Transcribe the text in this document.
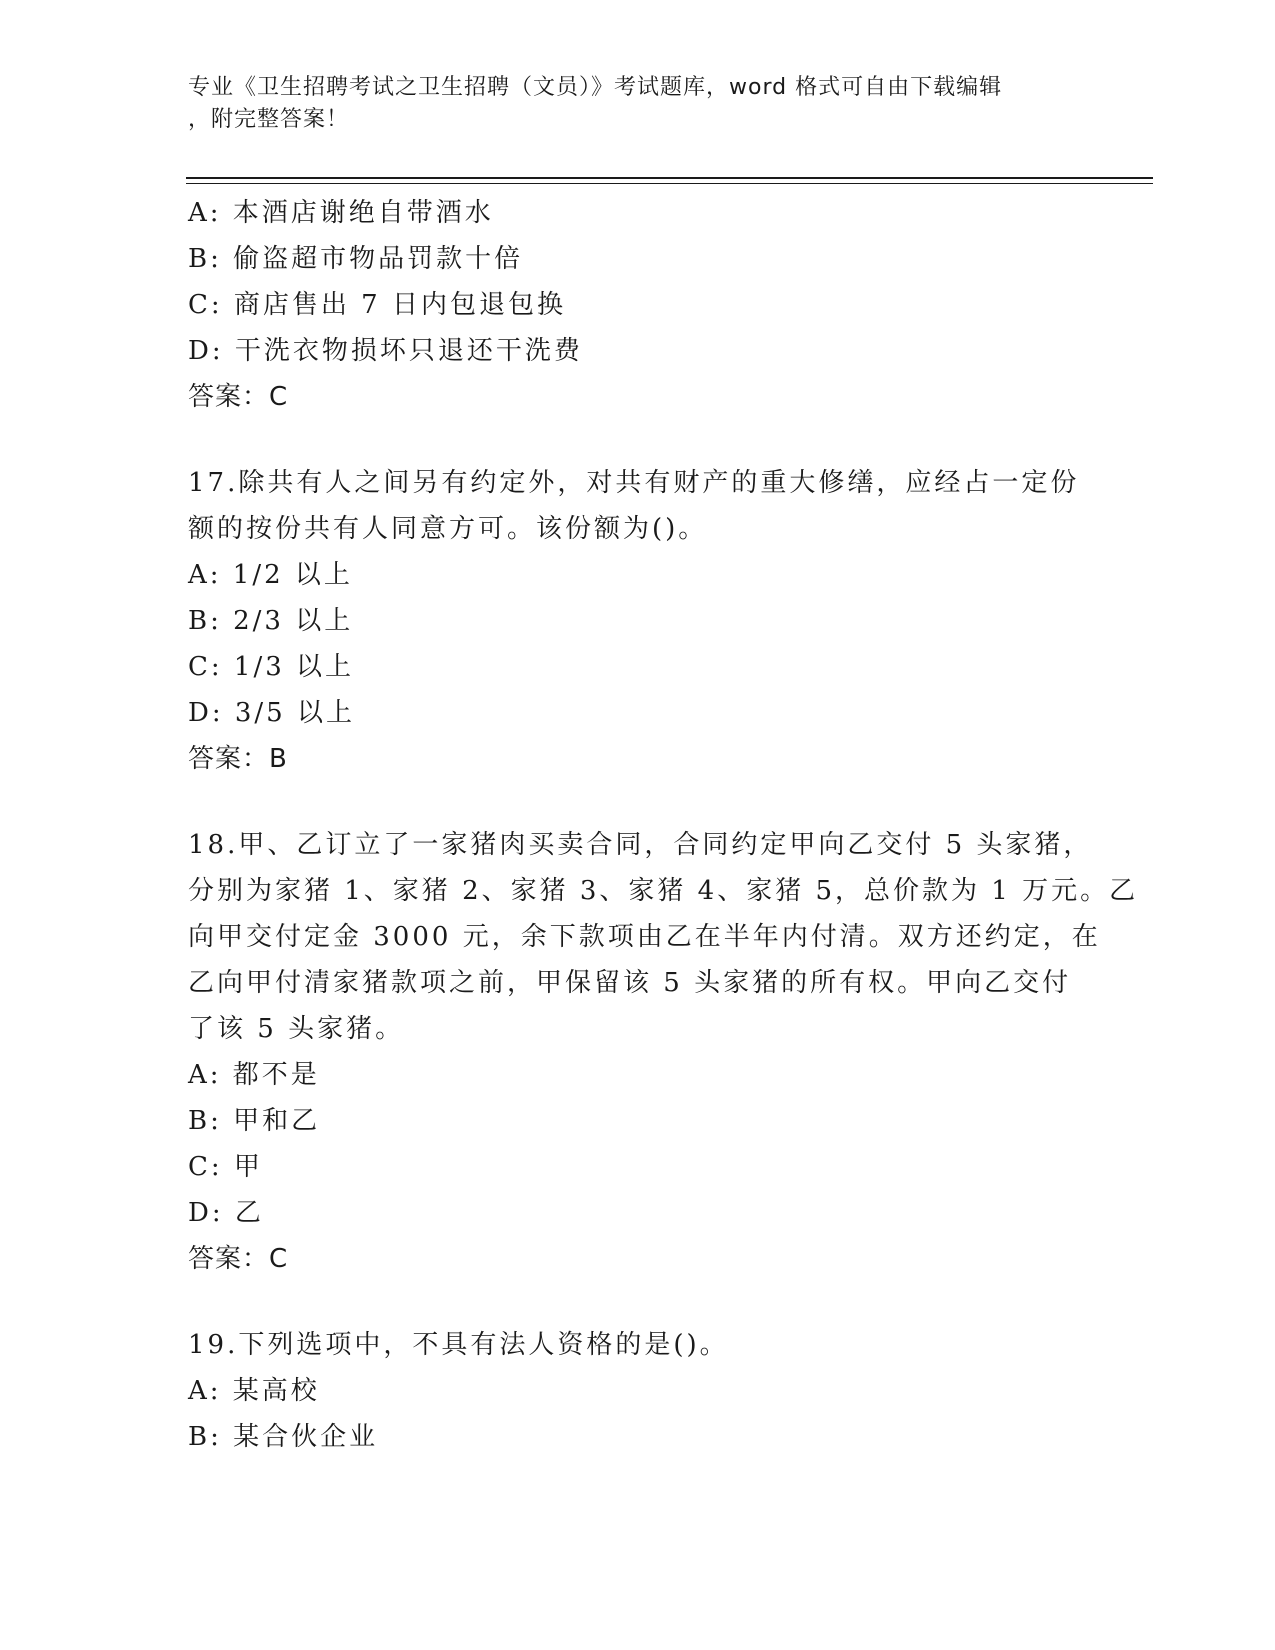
专业《卫生招聘考试之卫生招聘（文员）》考试题库，word 格式可自由下载编辑
，附完整答案！
A: 本酒店谢绝自带酒水
B: 偷盗超市物品罚款十倍
C: 商店售出 7 日内包退包换
D: 干洗衣物损坏只退还干洗费
答案：C
17.除共有人之间另有约定外，对共有财产的重大修缮，应经占一定份
额的按份共有人同意方可。该份额为()。
A: 1/2 以上
B: 2/3 以上
C: 1/3 以上
D: 3/5 以上
答案：B
18.甲、乙订立了一家猪肉买卖合同，合同约定甲向乙交付 5 头家猪，
分别为家猪 1、家猪 2、家猪 3、家猪 4、家猪 5，总价款为 1 万元。乙
向甲交付定金 3000 元，余下款项由乙在半年内付清。双方还约定，在
乙向甲付清家猪款项之前，甲保留该 5 头家猪的所有权。甲向乙交付
了该 5 头家猪。
A: 都不是
B: 甲和乙
C: 甲
D: 乙
答案：C
19.下列选项中，不具有法人资格的是()。
A: 某高校
B: 某合伙企业
